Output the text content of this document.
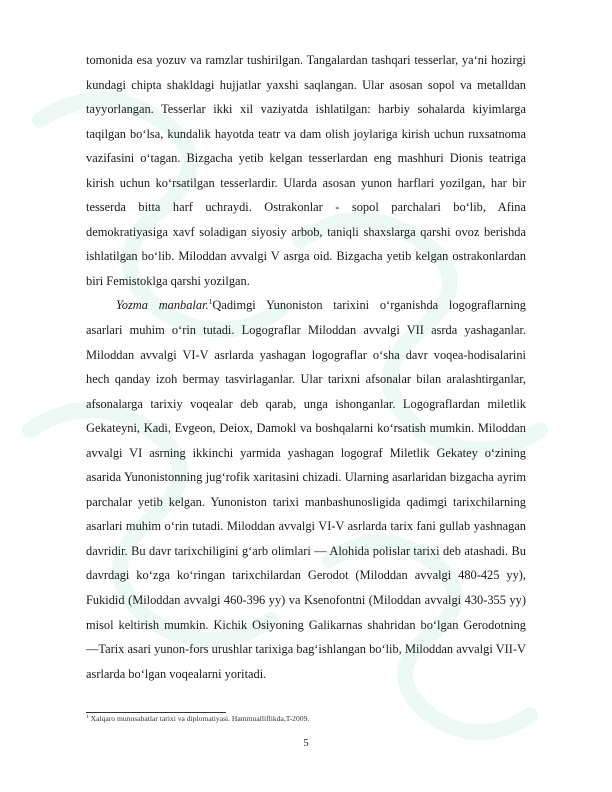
tomonida esa yozuv va ramzlar tushirilgan. Tangalardan tashqari tesserlar, ya‘ni hozirgi kundagi chipta shakldagi hujjatlar yaxshi saqlangan. Ular asosan sopol va metalldan tayyorlangan. Tesserlar ikki xil vaziyatda ishlatilgan: harbiy sohalarda kiyimlarga taqilgan bo‘lsa, kundalik hayotda teatr va dam olish joylariga kirish uchun ruxsatnoma vazifasini o‘tagan. Bizgacha yetib kelgan tesserlardan eng mashhuri Dionis teatriga kirish uchun ko‘rsatilgan tesserlardir. Ularda asosan yunon harflari yozilgan, har bir tesserda bitta harf uchraydi. Ostrakonlar - sopol parchalari bo‘lib, Afina demokratiyasiga xavf soladigan siyosiy arbob, taniqli shaxslarga qarshi ovoz berishda ishlatilgan bo‘lib. Miloddan avvalgi V asrga oid. Bizgacha yetib kelgan ostrakonlardan biri Femistoklga qarshi yozilgan.

Yozma manbalar.$^1$Qadimgi Yunoniston tarixini o‘rganishda logograflarning asarlari muhim o‘rin tutadi. Logograflar Miloddan avvalgi VII asrda yashaganlar. Miloddan avvalgi VI-V asrlarda yashagan logograflar o‘sha davr voqea-hodisalarini hech qanday izoh bermay tasvirlaganlar. Ular tarixni afsonalar bilan aralashtirganlar, afsonalarga tarixiy voqealar deb qarab, unga ishonganlar. Logograflardan miletlik Gekateyni, Kadi, Evgeon, Deiox, Damokl va boshqalarni ko‘rsatish mumkin. Miloddan avvalgi VI asrning ikkinchi yarmida yashagan logograf Miletlik Gekatey o‘zining asarida Yunonistonning jug‘rofik xaritasini chizadi. Ularning asarlaridan bizgacha ayrim parchalar yetib kelgan. Yunoniston tarixi manbashunosligida qadimgi tarixchilarning asarlari muhim o‘rin tutadi. Miloddan avvalgi VI-V asrlarda tarix fani gullab yashnagan davridir. Bu davr tarixchiligini g‘arb olimlari — Alohida polislar tarixi deb atashadi. Bu davrdagi ko‘zga ko‘ringan tarixchilardan Gerodot (Miloddan avvalgi 480-425 yy), Fukidid (Miloddan avvalgi 460-396 yy) va Ksenofontni (Miloddan avvalgi 430-355 yy) misol keltirish mumkin. Kichik Osiyoning Galikarnas shahridan bo‘lgan Gerodotning —Tarix asari yunon-fors urushlar tarixiga bag‘ishlangan bo‘lib, Miloddan avvalgi VII-V asrlarda bo‘lgan voqealarni yoritadi.

$^1$ Xalqaro munosabatlar tarixi va diplomatiyasi. Hammualliflikda,T-2009.
5
